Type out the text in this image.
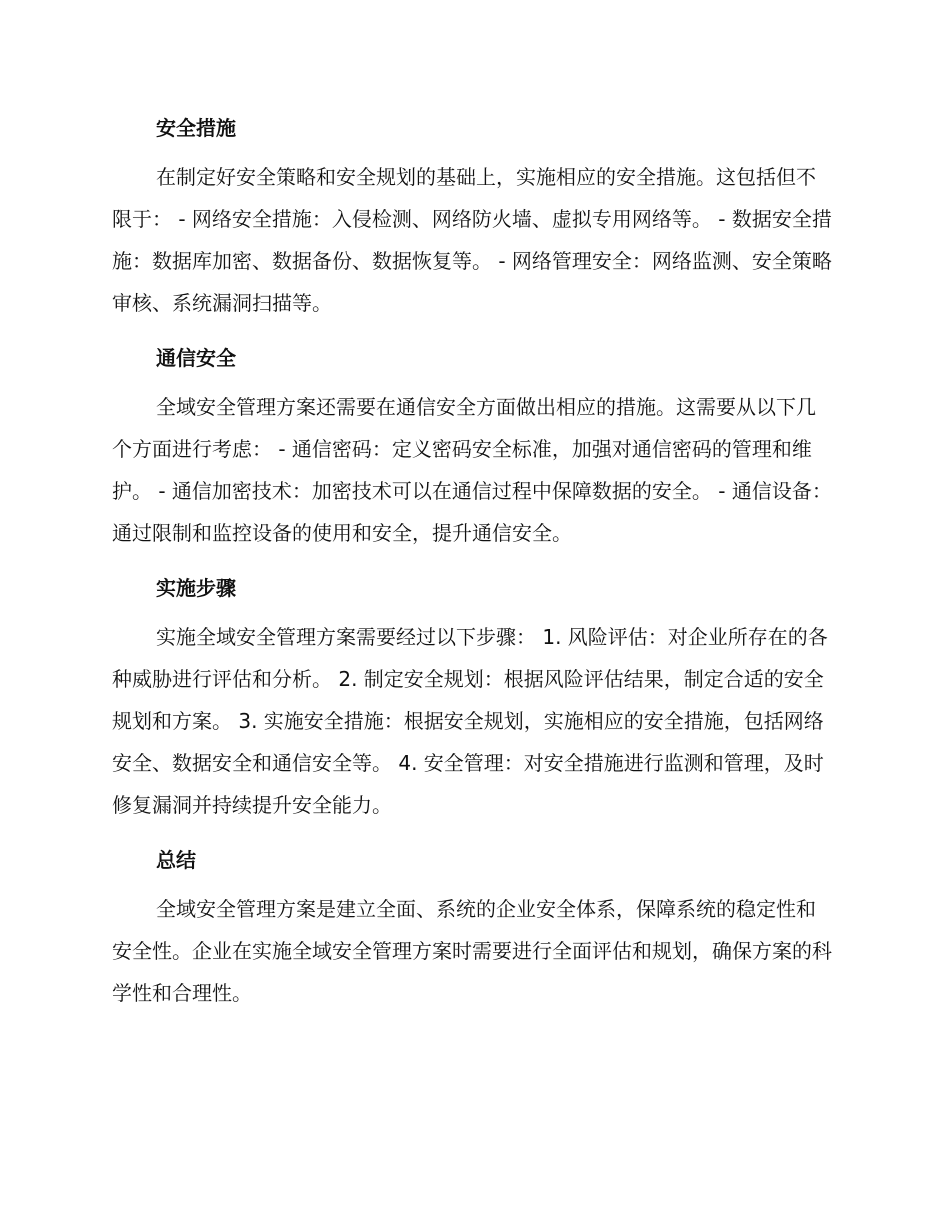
安全措施

在制定好安全策略和安全规划的基础上，实施相应的安全措施。这包括但不限于： - 网络安全措施：入侵检测、网络防火墙、虚拟专用网络等。 - 数据安全措施：数据库加密、数据备份、数据恢复等。 - 网络管理安全：网络监测、安全策略审核、系统漏洞扫描等。

通信安全

全域安全管理方案还需要在通信安全方面做出相应的措施。这需要从以下几个方面进行考虑： - 通信密码：定义密码安全标准，加强对通信密码的管理和维护。 - 通信加密技术：加密技术可以在通信过程中保障数据的安全。 - 通信设备：通过限制和监控设备的使用和安全，提升通信安全。

实施步骤

实施全域安全管理方案需要经过以下步骤： 1. 风险评估：对企业所存在的各种威胁进行评估和分析。 2. 制定安全规划：根据风险评估结果，制定合适的安全规划和方案。 3. 实施安全措施：根据安全规划，实施相应的安全措施，包括网络安全、数据安全和通信安全等。 4. 安全管理：对安全措施进行监测和管理，及时修复漏洞并持续提升安全能力。

总结

全域安全管理方案是建立全面、系统的企业安全体系，保障系统的稳定性和安全性。企业在实施全域安全管理方案时需要进行全面评估和规划，确保方案的科学性和合理性。
